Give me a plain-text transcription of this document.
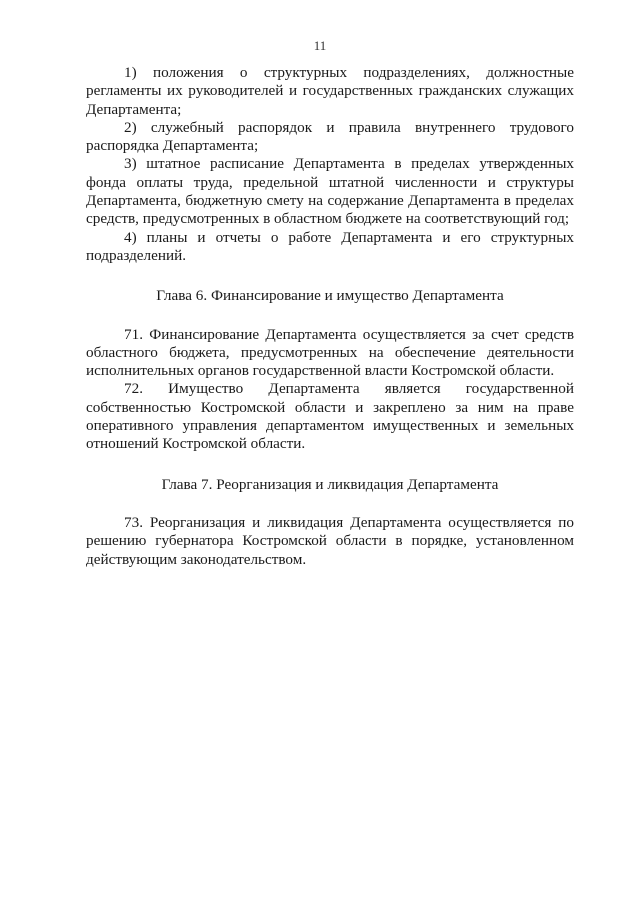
11

1) положения о структурных подразделениях, должностные регламенты их руководителей и государственных гражданских служащих Департамента;

2) служебный распорядок и правила внутреннего трудового распорядка Департамента;

3) штатное расписание Департамента в пределах утвержденных фонда оплаты труда, предельной штатной численности и структуры Департамента, бюджетную смету на содержание Департамента в пределах средств, предусмотренных в областном бюджете на соответствующий год;

4) планы и отчеты о работе Департамента и его структурных подразделений.

Глава 6. Финансирование и имущество Департамента

71. Финансирование Департамента осуществляется за счет средств областного бюджета, предусмотренных на обеспечение деятельности исполнительных органов государственной власти Костромской области.

72. Имущество Департамента является государственной собственностью Костромской области и закреплено за ним на праве оперативного управления департаментом имущественных и земельных отношений Костромской области.

Глава 7. Реорганизация и ликвидация Департамента

73. Реорганизация и ликвидация Департамента осуществляется по решению губернатора Костромской области в порядке, установленном действующим законодательством.
